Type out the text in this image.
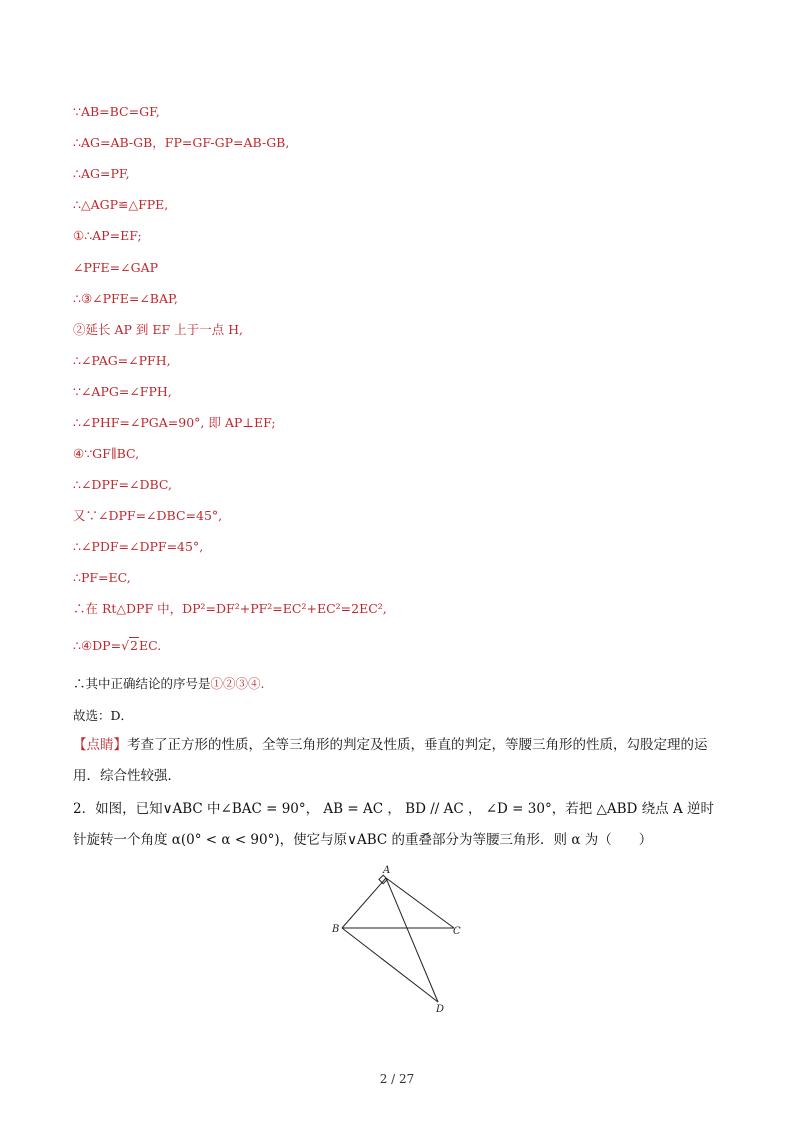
∵AB=BC=GF,
∴AG=AB-GB，FP=GF-GP=AB-GB,
∴AG=PF,
∴△AGP≌△FPE,
①∴AP=EF;
∠PFE=∠GAP
∴③∠PFE=∠BAP,
②延长 AP 到 EF 上于一点 H,
∴∠PAG=∠PFH,
∵∠APG=∠FPH,
∴∠PHF=∠PGA=90°, 即 AP⊥EF;
④∵GF∥BC,
∴∠DPF=∠DBC,
又∵∠DPF=∠DBC=45°,
∴∠PDF=∠DPF=45°,
∴PF=EC,
∴在 Rt△DPF 中，DP²=DF²+PF²=EC²+EC²=2EC²,
∴④DP=√2EC.
∴其中正确结论的序号是①②③④.
故选：D．
【点睛】考查了正方形的性质，全等三角形的判定及性质，垂直的判定，等腰三角形的性质，勾股定理的运用．综合性较强．
2．如图，已知∨ABC 中∠BAC = 90°， AB = AC ， BD // AC ， ∠D = 30°，若把 △ABD 绕点 A 逆时针旋转一个角度 α(0° < α < 90°)，使它与原∨ABC 的重叠部分为等腰三角形．则 α 为（　　）
A
B	C
D
2 / 27
